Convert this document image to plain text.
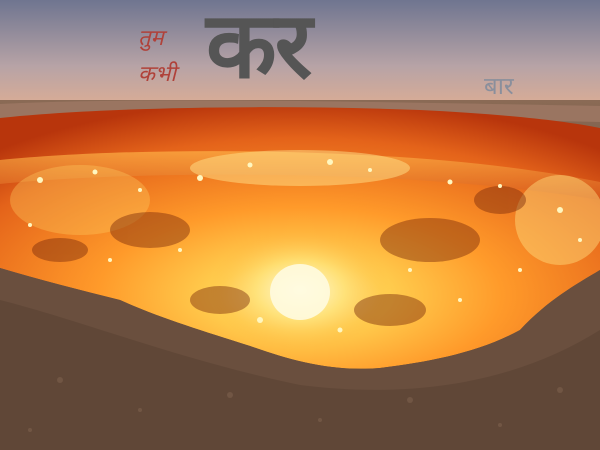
तुम

कभी कर	बार
